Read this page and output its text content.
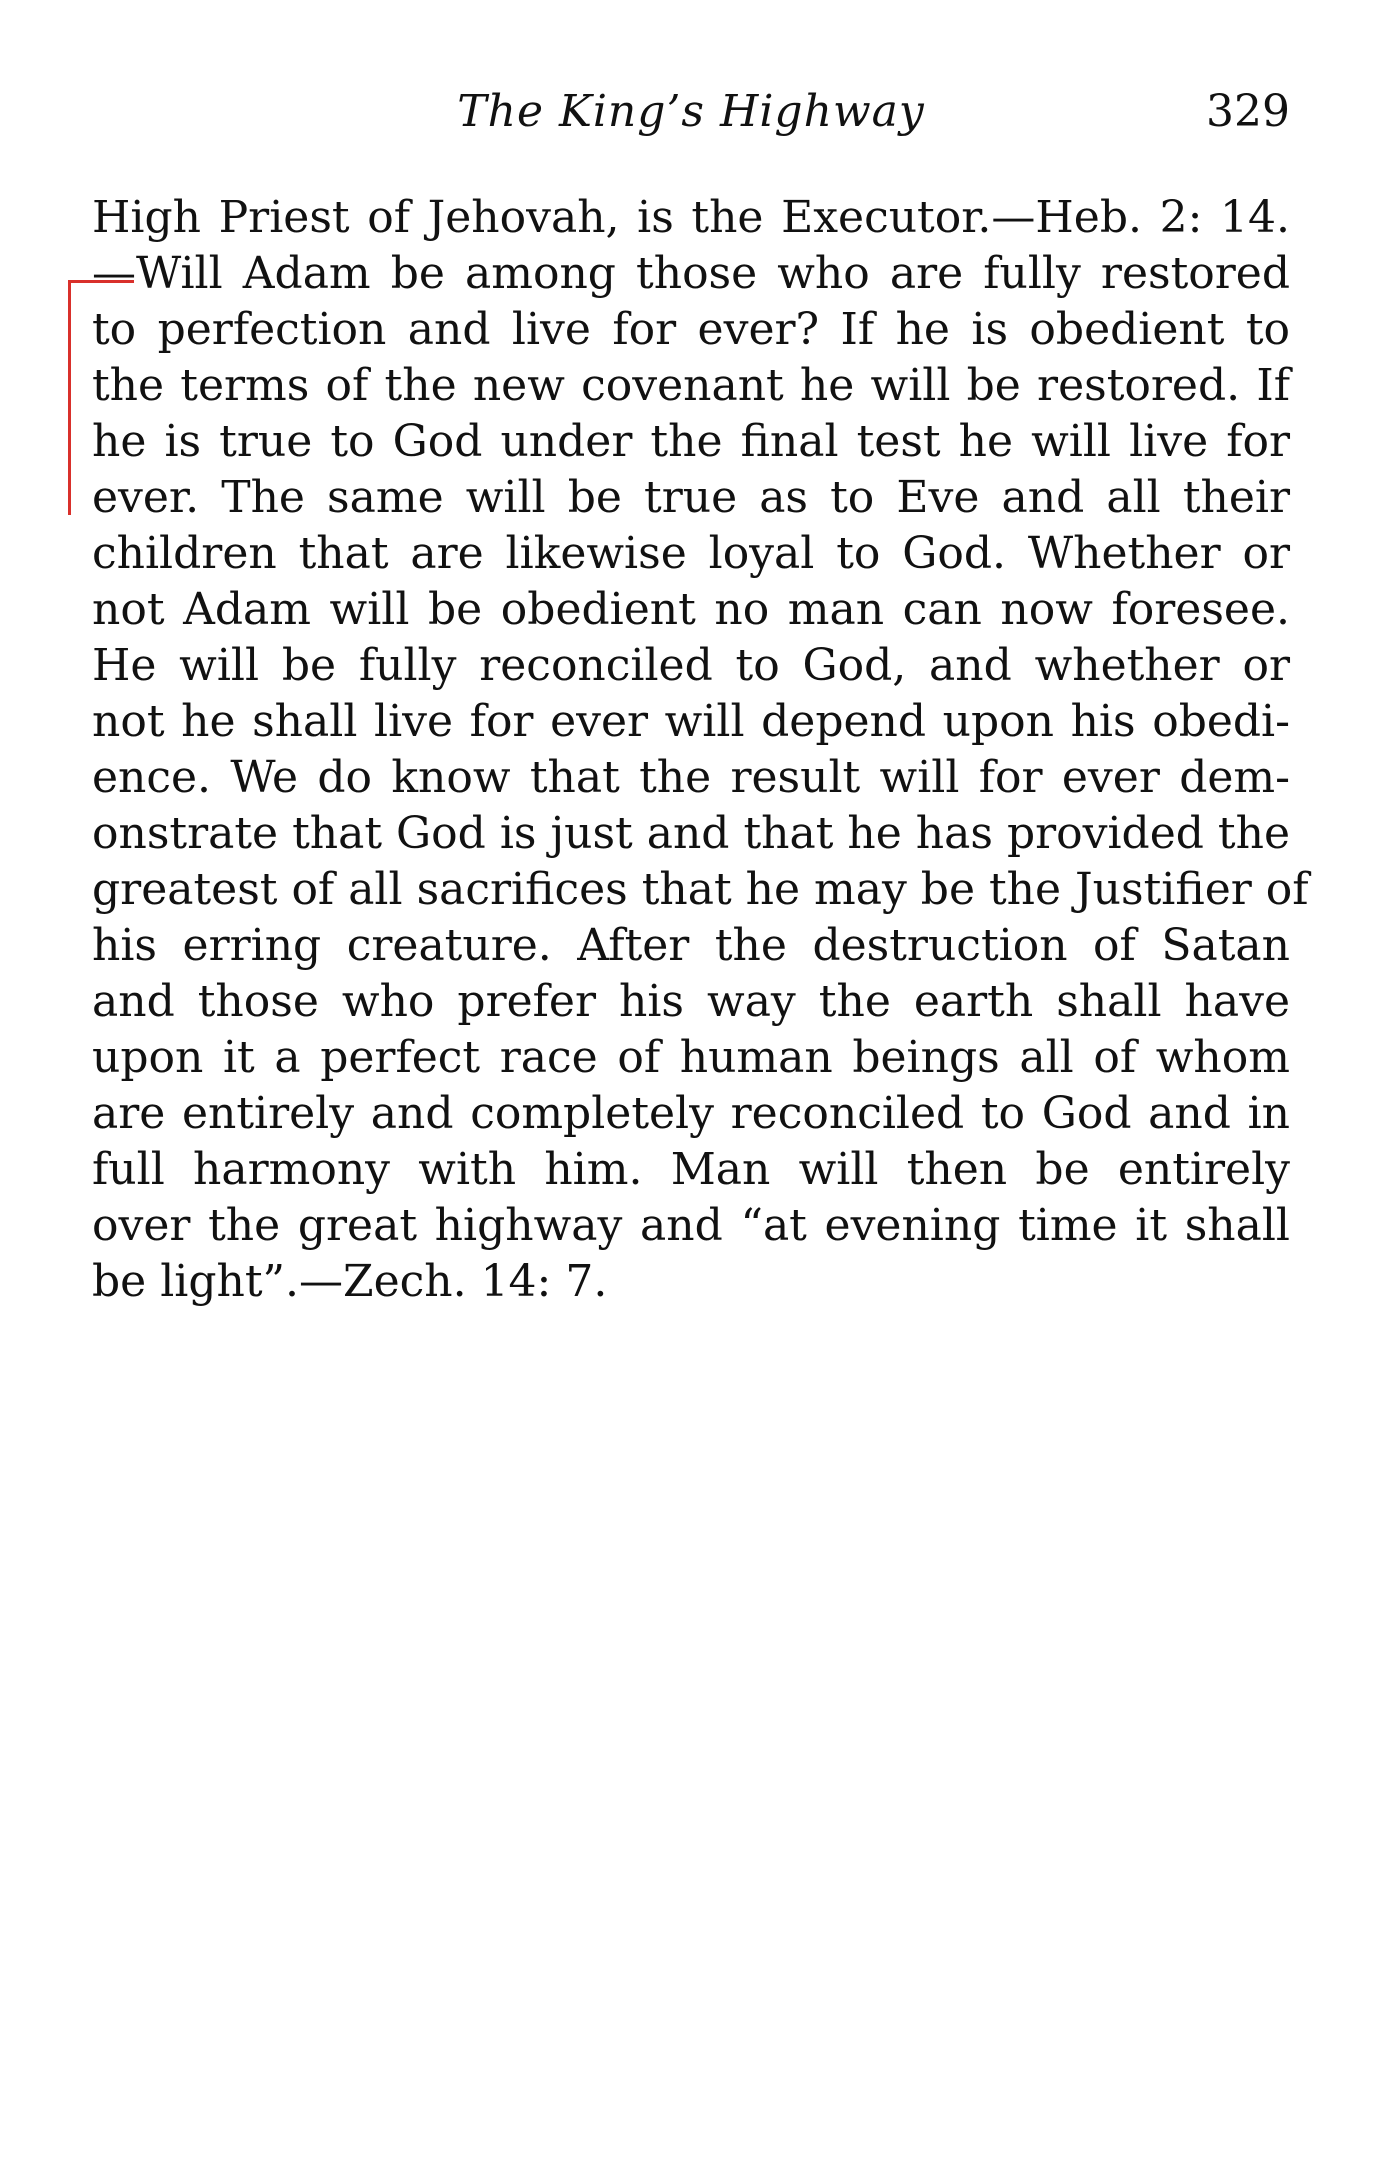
The King’s Highway	329
High Priest of Jehovah, is the Executor.—Heb. 2: 14.
—Will Adam be among those who are fully restored
to perfection and live for ever? If he is obedient to
the terms of the new covenant he will be restored. If
he is true to God under the final test he will live for
ever. The same will be true as to Eve and all their
children that are likewise loyal to God. Whether or
not Adam will be obedient no man can now foresee.
He will be fully reconciled to God, and whether or
not he shall live for ever will depend upon his obedi-
ence. We do know that the result will for ever dem-
onstrate that God is just and that he has provided the
greatest of all sacrifices that he may be the Justifier of
his erring creature. After the destruction of Satan
and those who prefer his way the earth shall have
upon it a perfect race of human beings all of whom
are entirely and completely reconciled to God and in
full harmony with him. Man will then be entirely
over the great highway and “at evening time it shall
be light”.—Zech. 14: 7.
